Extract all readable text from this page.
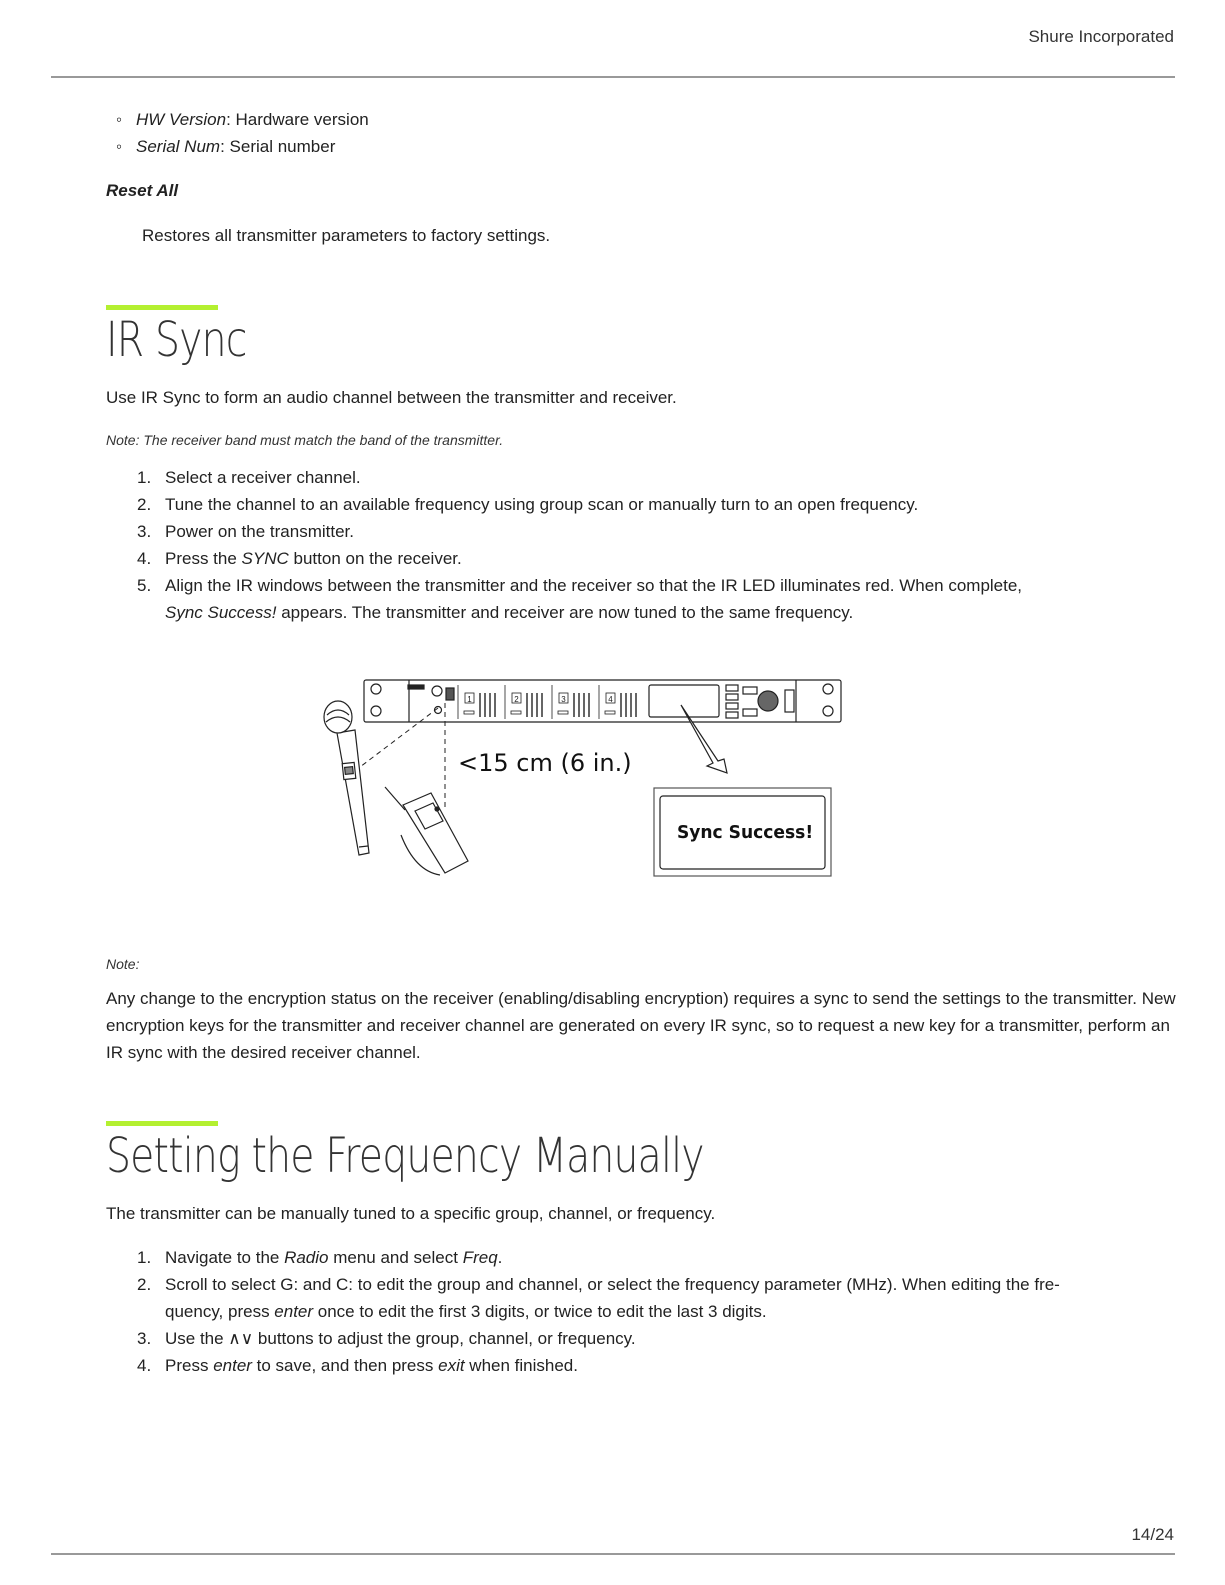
Shure Incorporated
◦ HW Version: Hardware version
◦ Serial Num: Serial number
Reset All
Restores all transmitter parameters to factory settings.
IR Sync
Use IR Sync to form an audio channel between the transmitter and receiver.
Note: The receiver band must match the band of the transmitter.
1. Select a receiver channel.
2. Tune the channel to an available frequency using group scan or manually turn to an open frequency.
3. Power on the transmitter.
4. Press the SYNC button on the receiver.
5. Align the IR windows between the transmitter and the receiver so that the IR LED illuminates red. When complete,
Sync Success! appears. The transmitter and receiver are now tuned to the same frequency.
Note:
Any change to the encryption status on the receiver (enabling/disabling encryption) requires a sync to send the settings to the transmitter. New encryption keys for the transmitter and receiver channel are generated on every IR sync, so to request a new key for a transmitter, perform an IR sync with the desired receiver channel.
Setting the Frequency Manually
The transmitter can be manually tuned to a specific group, channel, or frequency.
1. Navigate to the Radio menu and select Freq.
2. Scroll to select G: and C: to edit the group and channel, or select the frequency parameter (MHz). When editing the fre-
quency, press enter once to edit the first 3 digits, or twice to edit the last 3 digits.
3. Use the ∧∨ buttons to adjust the group, channel, or frequency.
4. Press enter to save, and then press exit when finished.
1	2	3	4
<15 cm (6 in.)
Sync Success!
14/24
